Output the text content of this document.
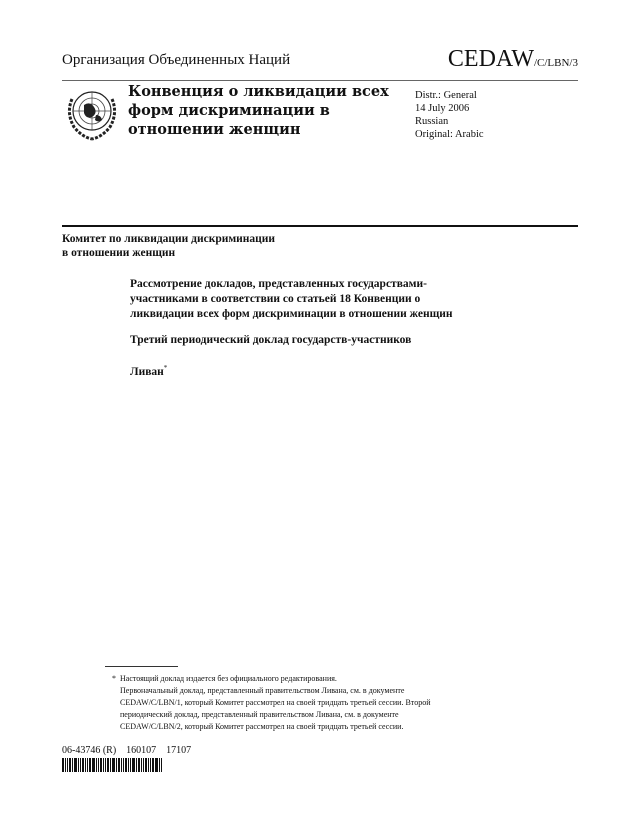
Организация Объединенных Наций	CEDAW/C/LBN/3
Конвенция о ликвидации всех
форм дискриминации в
отношении женщин
Distr.: General
14 July 2006
Russian
Original: Arabic
Комитет по ликвидации дискриминации
в отношении женщин
Рассмотрение докладов, представленных государствами-
участниками в соответствии со статьей 18 Конвенции о
ликвидации всех форм дискриминации в отношении женщин
Третий периодический доклад государств-участников
Ливан*
* Настоящий доклад издается без официального редактирования.
Первоначальный доклад, представленный правительством Ливана, см. в документе
CEDAW/C/LBN/1, который Комитет рассмотрел на своей тридцать третьей сессии. Второй
периодический доклад, представленный правительством Ливана, см. в документе
CEDAW/C/LBN/2, который Комитет рассмотрел на своей тридцать третьей сессии.
06-43746 (R)    160107    17107
